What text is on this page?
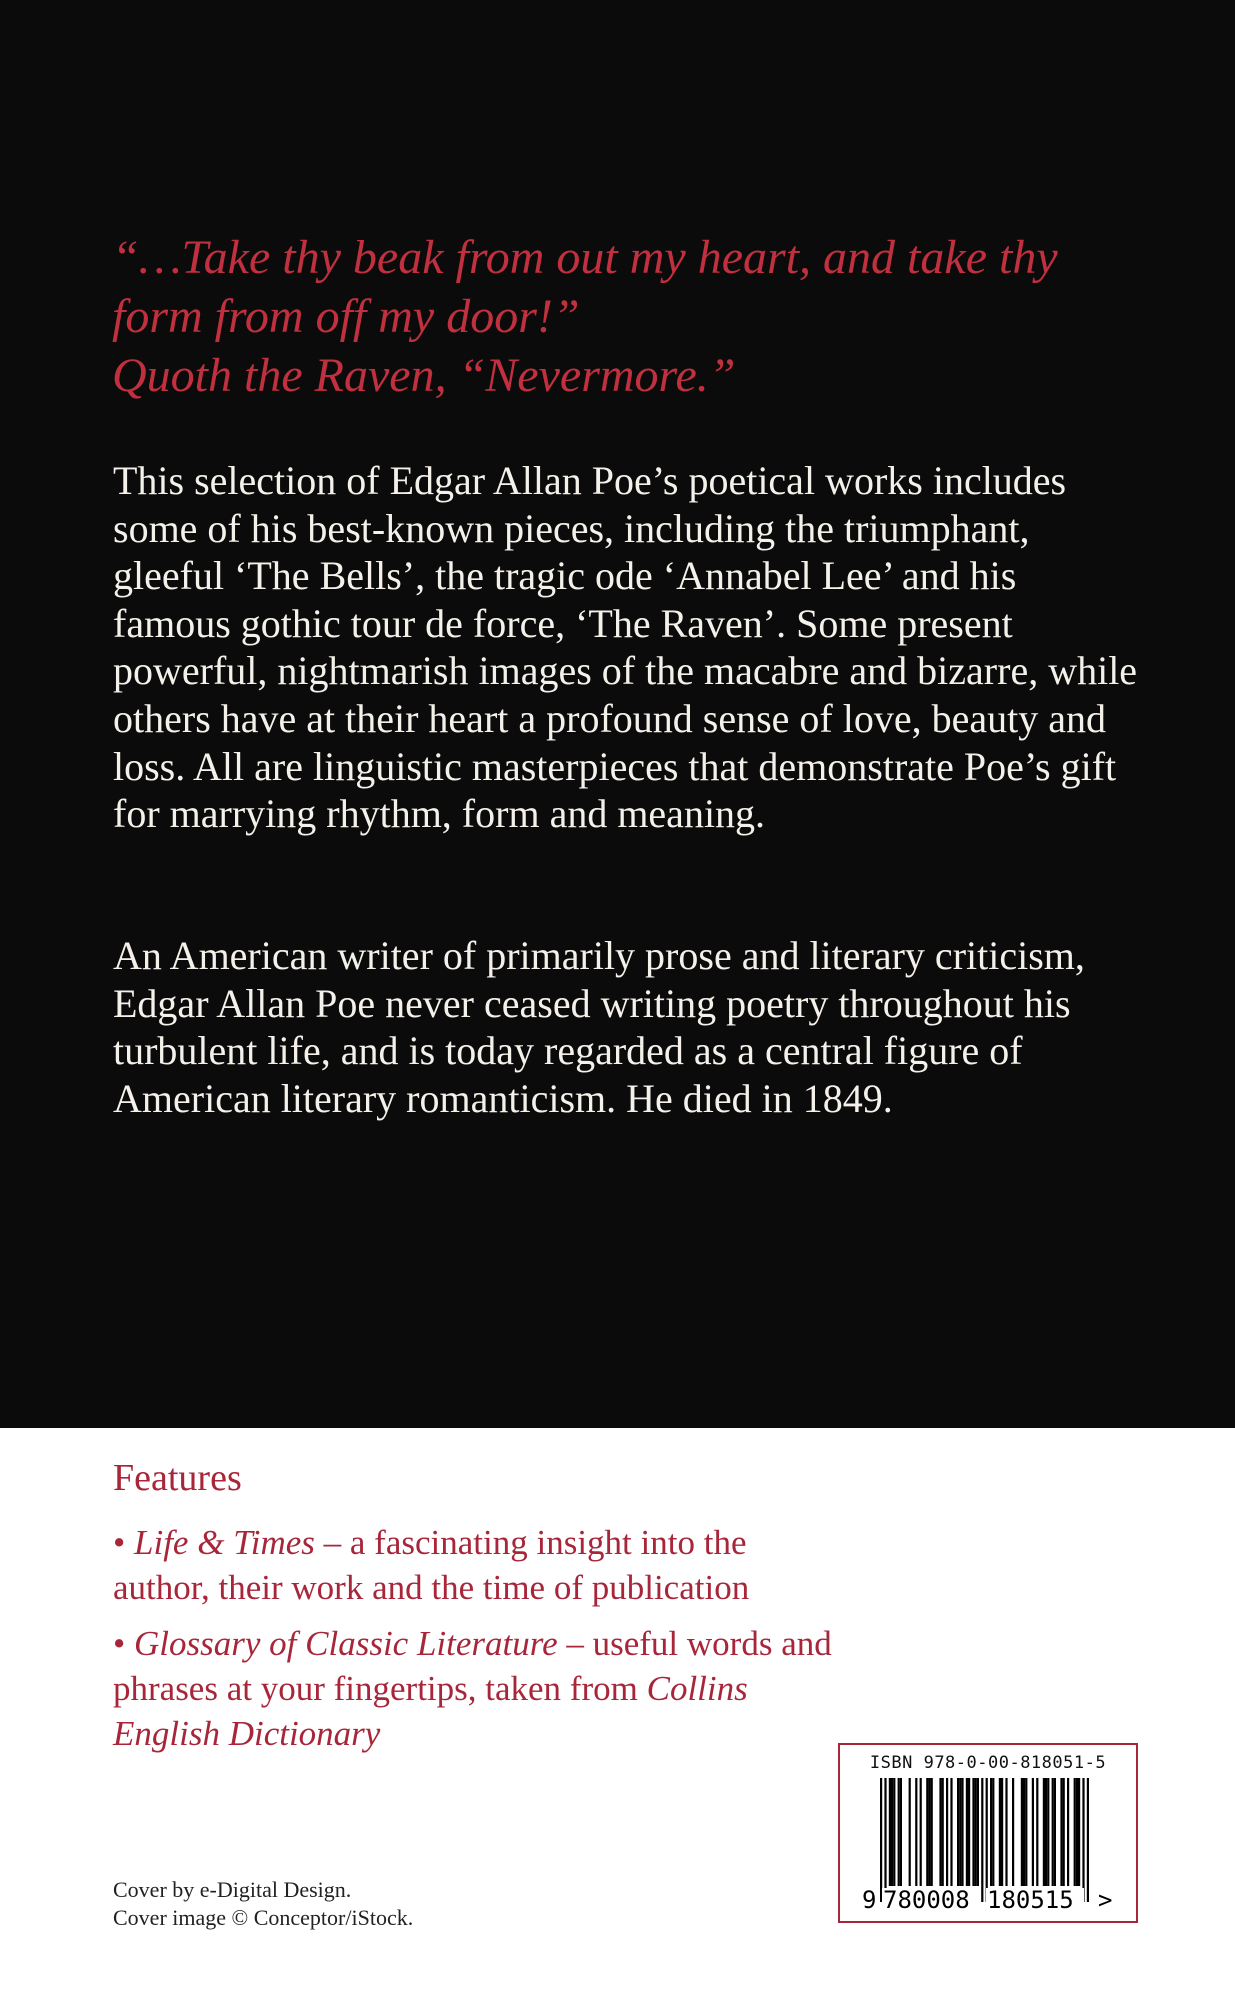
“…Take thy beak from out my heart, and take thy
form from off my door!”
Quoth the Raven, “Nevermore.”

This selection of Edgar Allan Poe’s poetical works includes some of his best-known pieces, including the triumphant, gleeful ‘The Bells’, the tragic ode ‘Annabel Lee’ and his famous gothic tour de force, ‘The Raven’. Some present powerful, nightmarish images of the macabre and bizarre, while others have at their heart a profound sense of love, beauty and loss. All are linguistic masterpieces that demonstrate Poe’s gift for marrying rhythm, form and meaning.

An American writer of primarily prose and literary criticism, Edgar Allan Poe never ceased writing poetry throughout his turbulent life, and is today regarded as a central figure of American literary romanticism. He died in 1849.

Features
• Life & Times – a fascinating insight into the author, their work and the time of publication
• Glossary of Classic Literature – useful words and phrases at your fingertips, taken from Collins English Dictionary
Cover by e-Digital Design.
Cover image © Conceptor/iStock.
ISBN 978-0-00-818051-5
9 780008 180515 >
